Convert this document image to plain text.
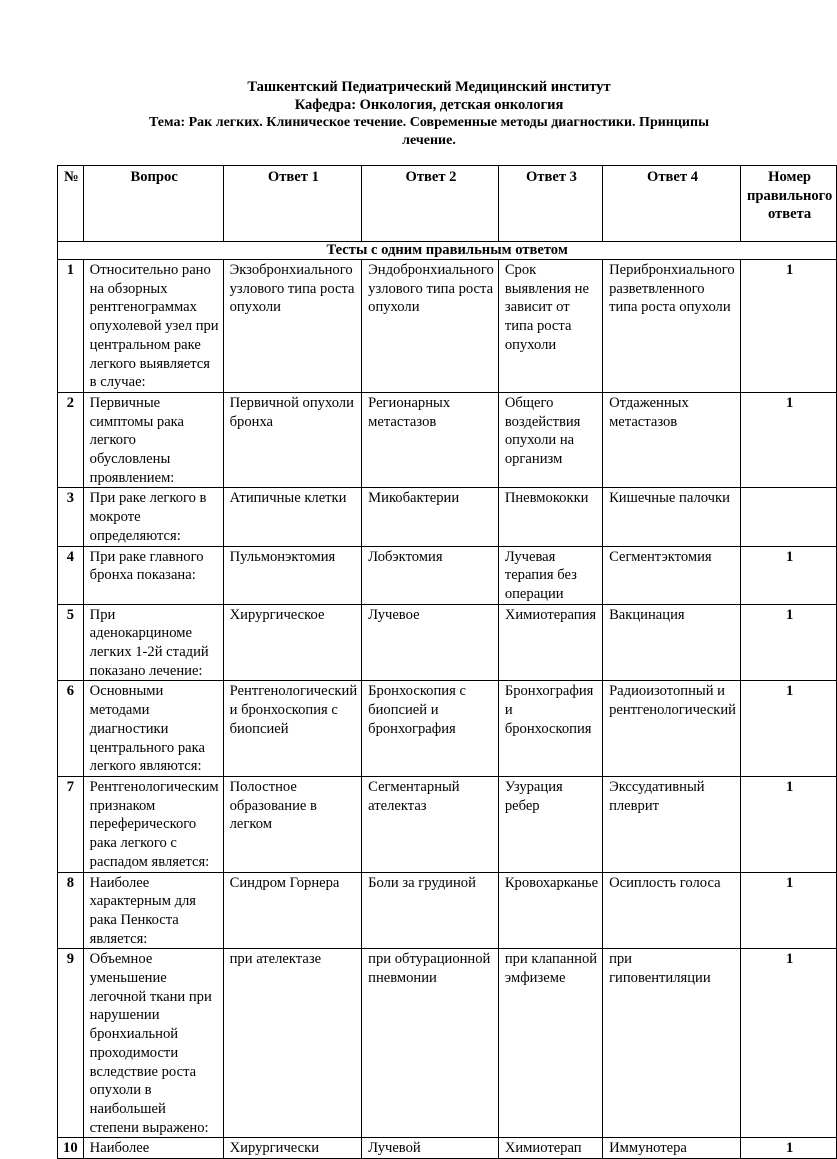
Ташкентский Педиатрический Медицинский институт
Кафедра: Онкология, детская онкология
Тема: Рак легких. Клиническое течение. Современные методы диагностики. Принципы
лечение.
№	Вопрос	Ответ 1	Ответ 2	Ответ 3	Ответ 4	Номер правильного ответа
Тесты с одним правильным ответом						
1	Относительно рано на обзорных рентгенограммах опухолевой узел при центральном раке легкого выявляется в случае:	Экзобронхиального узлового типа роста опухоли	Эндобронхиального узлового типа роста опухоли	Срок выявления не зависит от типа роста опухоли	Перибронхиального разветвленного типа роста опухоли	1
2	Первичные симптомы рака легкого обусловлены проявлением:	Первичной опухоли бронха	Регионарных метастазов	Общего воздействия опухоли на организм	Отдаженных метастазов	1
3	При раке легкого в мокроте определяются:	Атипичные клетки	Микобактерии	Пневмококки	Кишечные палочки	
4	При раке главного бронха показана:	Пульмонэктомия	Лобэктомия	Лучевая терапия без операции	Сегментэктомия	1
5	При аденокарциноме легких 1-2й стадий показано лечение:	Хирургическое	Лучевое	Химиотерапия	Вакцинация	1
6	Основными методами диагностики центрального рака легкого являются:	Рентгенологический и бронхоскопия с биопсией	Бронхоскопия с биопсией и бронхография	Бронхография и бронхоскопия	Радиоизотопный и рентгенологический	1
7	Рентгенологическим признаком переферического рака легкого с распадом является:	Полостное образование в легком	Сегментарный ателектаз	Узурация ребер	Экссудативный плеврит	1
8	Наиболее характерным для рака Пенкоста является:	Синдром Горнера	Боли за грудиной	Кровохарканье	Осиплость голоса	1
9	Объемное уменьшение легочной ткани при нарушении бронхиальной проходимости вследствие роста опухоли в наибольшей степени выражено:	при ателектазе	при обтурационной пневмонии	при клапанной эмфиземе	при гиповентиляции	1
10	Наиболее	Хирургически	Лучевой	Химиотерап	Иммунотера	1
